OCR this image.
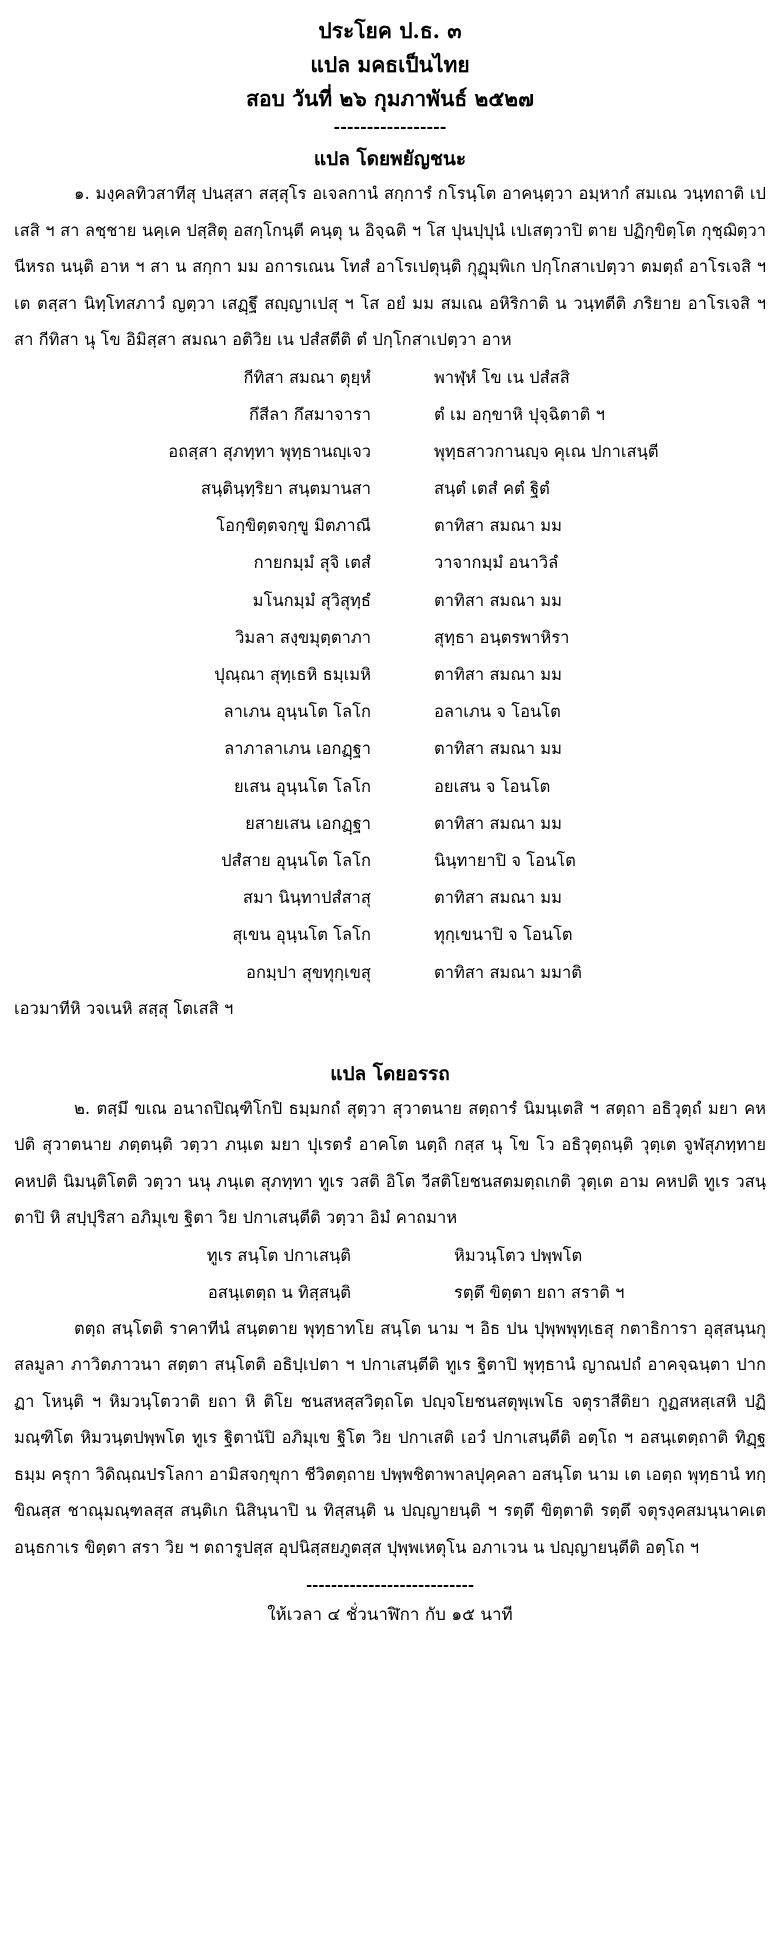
ประโยค ป.ธ. ๓
แปล มคธเป็นไทย
สอบ วันที่ ๒๖ กุมภาพันธ์ ๒๕๒๗
-----------------
แปล โดยพยัญชนะ
๑. มงฺคลทิวสาทีสุ ปนสฺสา สสฺสุโร อเจลกานํ สกฺการํ กโรนฺโต อาคนฺตฺวา อมฺหากํ สมเณ วนฺทถาติ เปเสสิ ฯ สา ลชฺชาย นคฺเค ปสฺสิตุ อสกฺโกนฺตี คนฺตุ น อิจฺฉติ ฯ โส ปุนปฺปุนํ เปเสตฺวาปิ ตาย ปฏิกฺขิตฺโต กุชฺฌิตฺวา นีหรถ นนฺติ อาห ฯ สา น สกฺกา มม อการเณน โทสํ อาโรเปตุนฺติ กุฏุมฺพิเก ปกฺโกสาเปตฺวา ตมตฺถํ อาโรเจสิ ฯ เต ตสฺสา นิทฺโทสภาวํ ญตฺวา เสฏฺฐึ สญฺญาเปสุ ฯ โส อยํ มม สมเณ อหิริกาติ น วนฺทตีติ ภริยาย อาโรเจสิ ฯ สา กีทิสา นุ โข อิมิสฺสา สมณา อติวิย เน ปสํสตีติ ตํ ปกฺโกสาเปตฺวา อาห
กีทิสา สมณา ตุยฺหํ	พาฬฺหํ โข เน ปสํสสิ
กึสีลา กึสมาจารา	ตํ เม อกฺขาหิ ปุจฺฉิตาติ ฯ
อถสฺสา สุภทฺทา พุทฺธานญฺเจว	พุทฺธสาวกานญฺจ คุเณ ปกาเสนฺตี
สนฺตินฺทฺริยา สนฺตมานสา	สนฺตํ เตสํ คตํ ฐิตํ
โอกฺขิตฺตจกฺขู มิตภาณี	ตาทิสา สมณา มม
กายกมฺมํ สุจิ เตสํ	วาจากมฺมํ อนาวิลํ
มโนกมฺมํ สุวิสุทฺธํ	ตาทิสา สมณา มม
วิมลา สงฺขมุตฺตาภา	สุทฺธา อนฺตรพาหิรา
ปุณฺณา สุทฺเธหิ ธมฺเมหิ	ตาทิสา สมณา มม
ลาเภน อุนฺนโต โลโก	อลาเภน จ โอนโต
ลาภาลาเภน เอกฏฺฐา	ตาทิสา สมณา มม
ยเสน อุนฺนโต โลโก	อยเสน จ โอนโต
ยสายเสน เอกฏฺฐา	ตาทิสา สมณา มม
ปสํสาย อุนฺนโต โลโก	นินฺทายาปิ จ โอนโต
สมา นินฺทาปสํสาสุ	ตาทิสา สมณา มม
สุเขน อุนฺนโต โลโก	ทุกฺเขนาปิ จ โอนโต
อกมฺปา สุขทุกฺเขสุ	ตาทิสา สมณา มมาติ
เอวมาทีหิ วจเนหิ สสฺสุ โตเสสิ ฯ
แปล โดยอรรถ
๒. ตสฺมึ ขเณ อนาถปิณฺฑิโกปิ ธมฺมกถํ สุตฺวา สุวาตนาย สตฺถารํ นิมนฺเตสิ ฯ สตฺถา อธิวุตฺถํ มยา คหปติ สุวาตนาย ภตฺตนฺติ วตฺวา ภนฺเต มยา ปุเรตรํ อาคโต นตฺถิ กสฺส นุ โข โว อธิวุตฺถนฺติ วุตฺเต จูฬสุภทฺทาย คหปติ นิมนฺติโตติ วตฺวา นนุ ภนฺเต สุภทฺทา ทูเร วสติ อิโต วีสติโยชนสตมตฺถเกติ วุตฺเต อาม คหปติ ทูเร วสนฺตาปิ หิ สปฺปุริสา อภิมุเข ฐิตา วิย ปกาเสนฺตีติ วตฺวา อิมํ คาถมาห
ทูเร สนฺโต ปกาเสนฺติ	หิมวนฺโตว ปพฺพโต
อสนฺเตตฺถ น ทิสฺสนฺติ	รตฺตึ ขิตฺตา ยถา สราติ ฯ
ตตฺถ สนฺโตติ ราคาทีนํ สนฺตตาย พุทฺธาทโย สนฺโต นาม ฯ อิธ ปน ปุพฺพพุทฺเธสุ กตาธิการา อุสฺสนฺนกุสลมูลา ภาวิตภาวนา สตฺตา สนฺโตติ อธิปฺเปตา ฯ ปกาเสนฺตีติ ทูเร ฐิตาปิ พุทฺธานํ ญาณปถํ อาคจฺฉนฺตา ปากฏา โหนฺติ ฯ หิมวนฺโตวาติ ยถา หิ ติโย ชนสหสฺสวิตฺถโต ปญฺจโยชนสตุพฺเพโธ จตุราสีติยา กูฏสหสฺเสหิ ปฏิมณฺฑิโต หิมวนฺตปพฺพโต ทูเร ฐิตานัปิ อภิมุเข ฐิโต วิย ปกาเสติ เอวํ ปกาเสนฺตีติ อตฺโถ ฯ อสนฺเตตฺถาติ ทิฏฺฐธมฺม ครุกา วิดิณฺณปรโลกา อามิสจกฺขุกา ชีวิตตฺถาย ปพฺพชิตาพาลปุคฺคลา อสนฺโต นาม เต เอตฺถ พุทฺธานํ ทกฺขิณสฺส ชาณุมณฺฑลสฺส สนฺติเก นิสินฺนาปิ น ทิสฺสนฺติ น ปญฺญายนฺติ ฯ รตฺตึ ขิตฺตาติ รตฺตึ จตุรงฺคสมนฺนาคเต อนฺธกาเร ขิตฺตา สรา วิย ฯ ตถารูปสฺส อุปนิสฺสยภูตสฺส ปุพฺพเหตุโน อภาเวน น ปญฺญายนฺตีติ อตฺโถ ฯ
---------------------------
ให้เวลา ๔ ชั่วนาฬิกา กับ ๑๕ นาที
